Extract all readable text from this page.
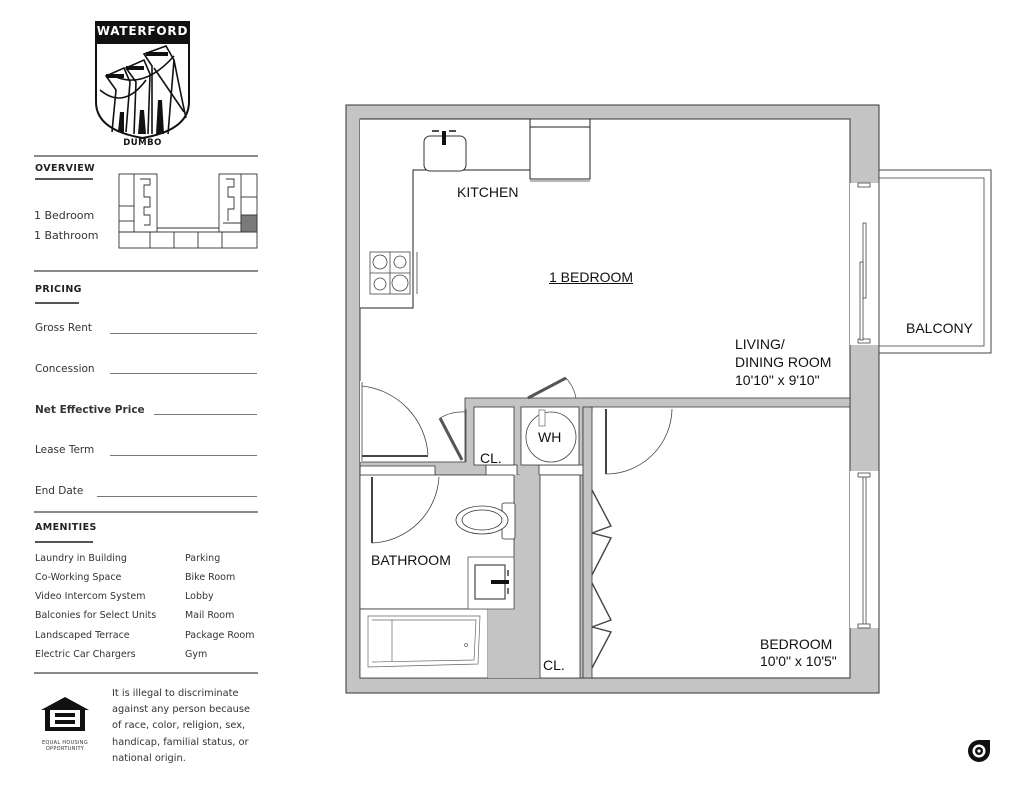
WATERFORD
DUMBO
OVERVIEW
1 Bedroom
1 Bathroom
PRICING
Gross Rent
Concession
Net Effective Price
Lease Term
End Date
AMENITIES
Laundry in Building
Co-Working Space
Video Intercom System
Balconies for Select Units
Landscaped Terrace
Electric Car Chargers
Parking
Bike Room
Lobby
Mail Room
Package Room
Gym
EQUAL HOUSING
OPPORTUNITY
It is illegal to discriminate against any person because of race, color, religion, sex, handicap, familial status, or national origin.
KITCHEN
1 BEDROOM
LIVING/
DINING ROOM
10'10" x 9'10"
BALCONY
CL.
WH
BATHROOM
CL.
BEDROOM
10'0" x 10'5"
